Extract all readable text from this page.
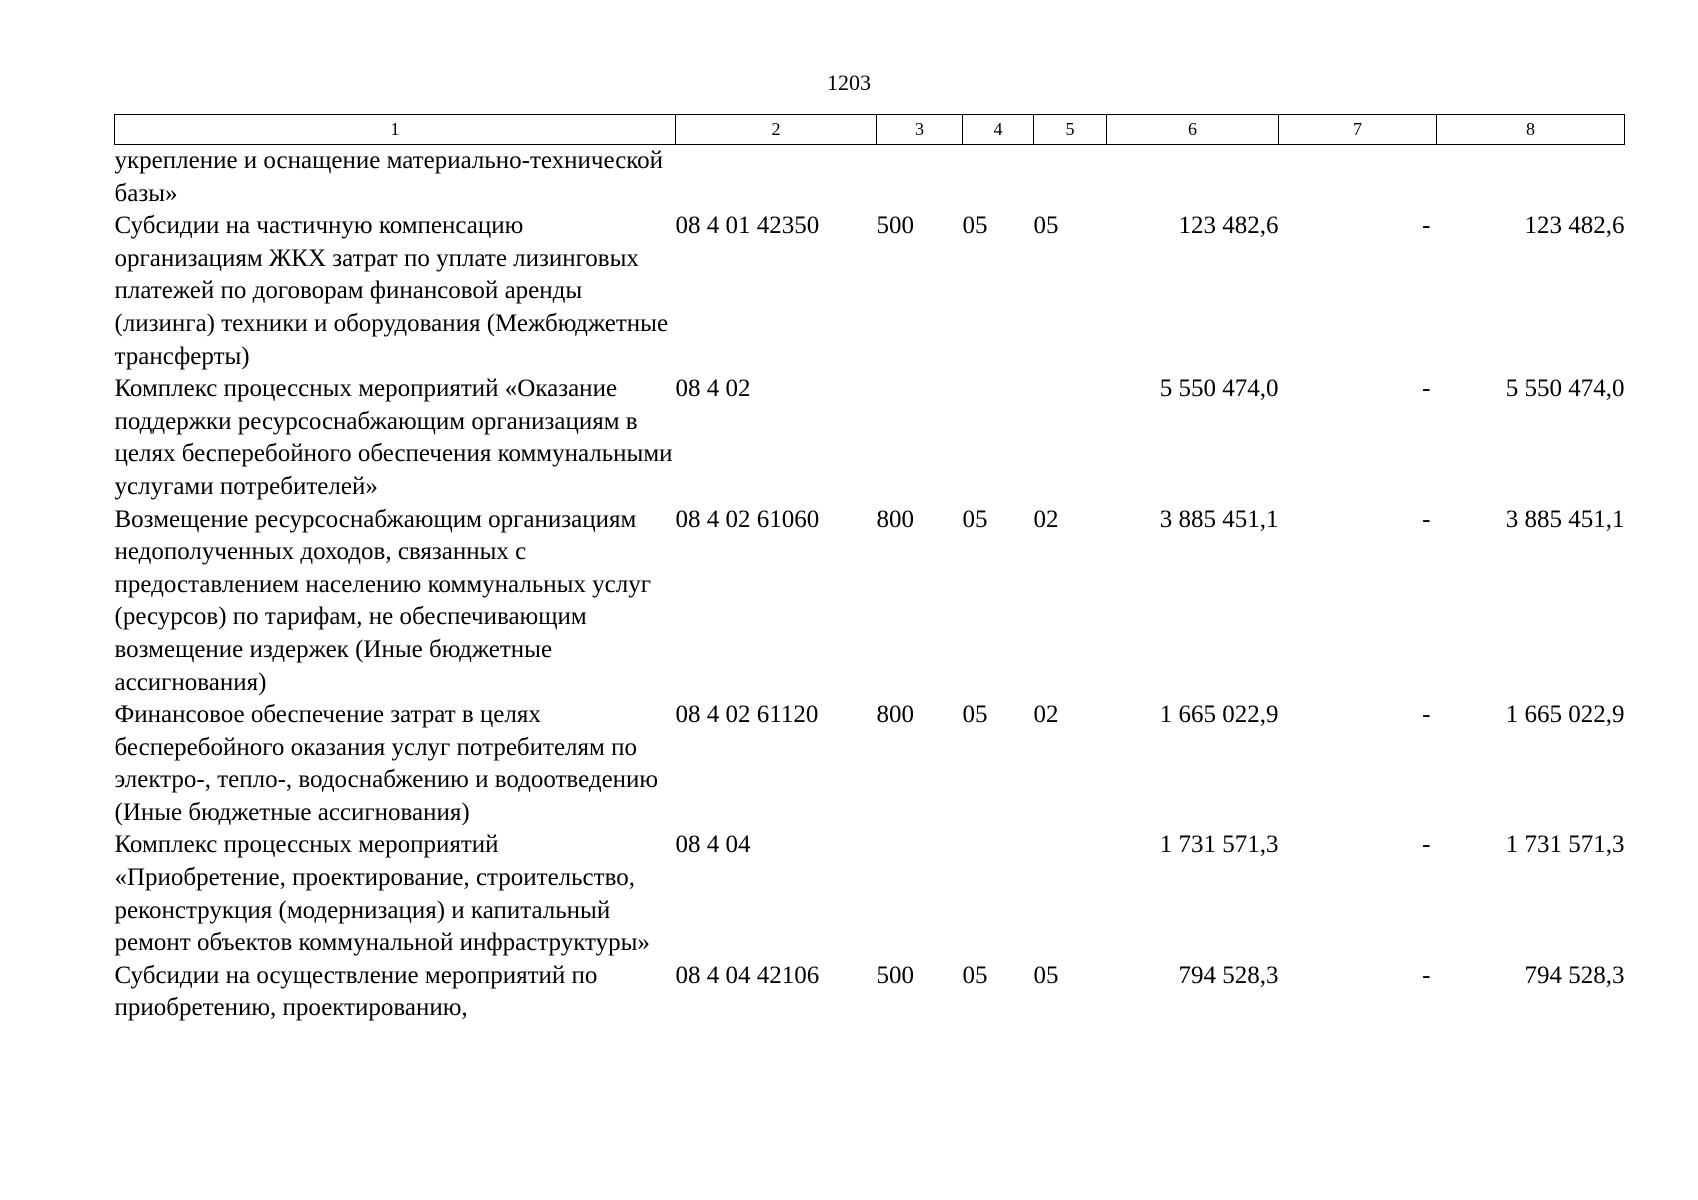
1203
1	2	3	4	5	6	7	8
укрепление и оснащение материально-технической базы»							
Субсидии на частичную компенсацию организациям ЖКХ затрат по уплате лизинговых платежей по договорам финансовой аренды (лизинга) техники и оборудования (Межбюджетные трансферты)	08 4 01 42350	500	05	05	123 482,6	-	123 482,6
Комплекс процессных мероприятий «Оказание поддержки ресурсоснабжающим организациям в целях бесперебойного обеспечения коммунальными услугами потребителей»	08 4 02				5 550 474,0	-	5 550 474,0
Возмещение ресурсоснабжающим организациям недополученных доходов, связанных с предоставлением населению коммунальных услуг (ресурсов) по тарифам, не обеспечивающим возмещение издержек (Иные бюджетные ассигнования)	08 4 02 61060	800	05	02	3 885 451,1	-	3 885 451,1
Финансовое обеспечение затрат в целях бесперебойного оказания услуг потребителям по электро-, тепло-, водоснабжению и водоотведению (Иные бюджетные ассигнования)	08 4 02 61120	800	05	02	1 665 022,9	-	1 665 022,9
Комплекс процессных мероприятий «Приобретение, проектирование, строительство, реконструкция (модернизация) и капитальный ремонт объектов коммунальной инфраструктуры»	08 4 04				1 731 571,3	-	1 731 571,3
Субсидии на осуществление мероприятий по приобретению, проектированию,	08 4 04 42106	500	05	05	794 528,3	-	794 528,3
